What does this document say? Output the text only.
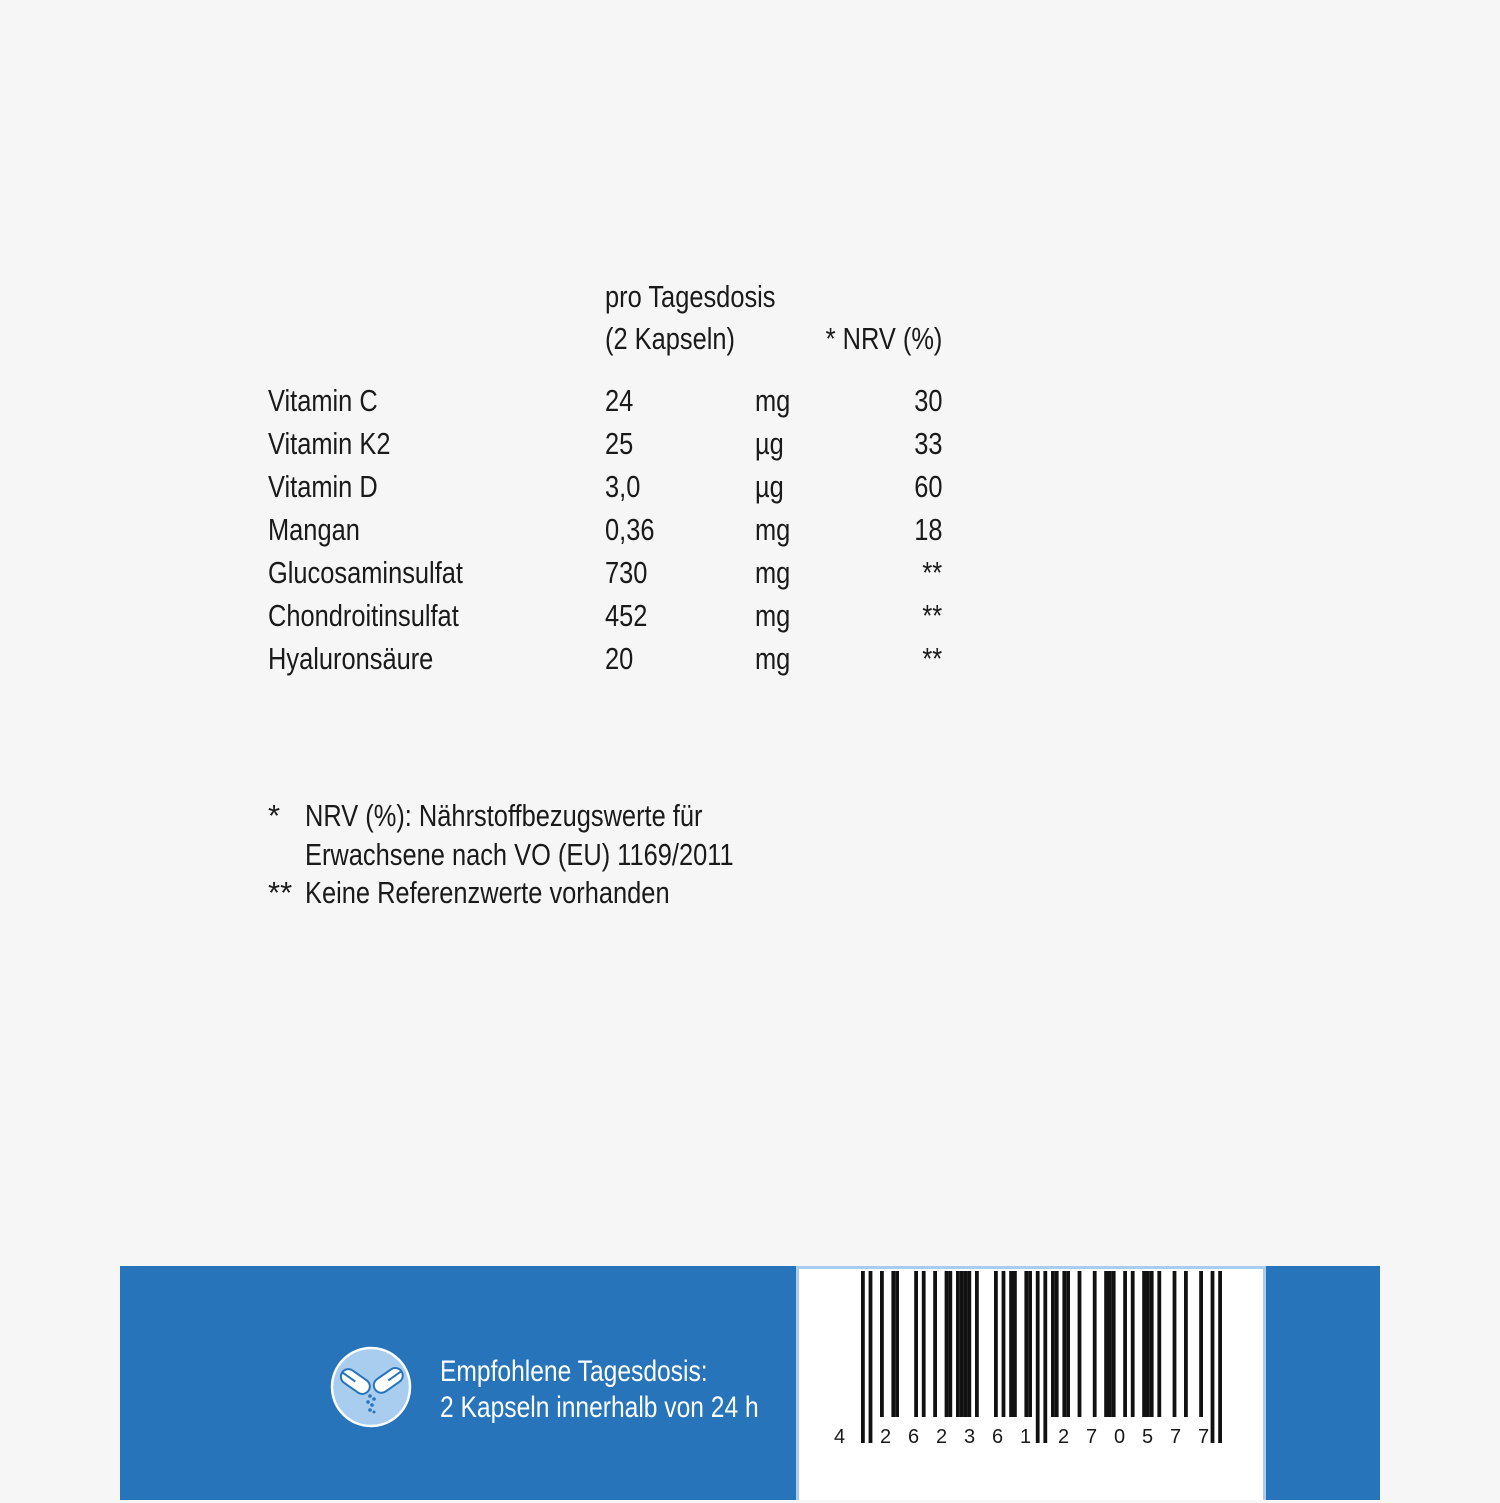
pro Tagesdosis
(2 Kapseln)	* NRV (%)
Vitamin C	24	mg	30
Vitamin K2	25	µg	33
Vitamin D	3,0	µg	60
Mangan	0,36	mg	18
Glucosaminsulfat	730	mg	**
Chondroitinsulfat	452	mg	**
Hyaluronsäure	20	mg	**
* NRV (%): Nährstoffbezugswerte für
Erwachsene nach VO (EU) 1169/2011
** Keine Referenzwerte vorhanden
Empfohlene Tagesdosis:
2 Kapseln innerhalb von 24 h
4 2 6 2 3 6 1 2 7 0 5 7 7
